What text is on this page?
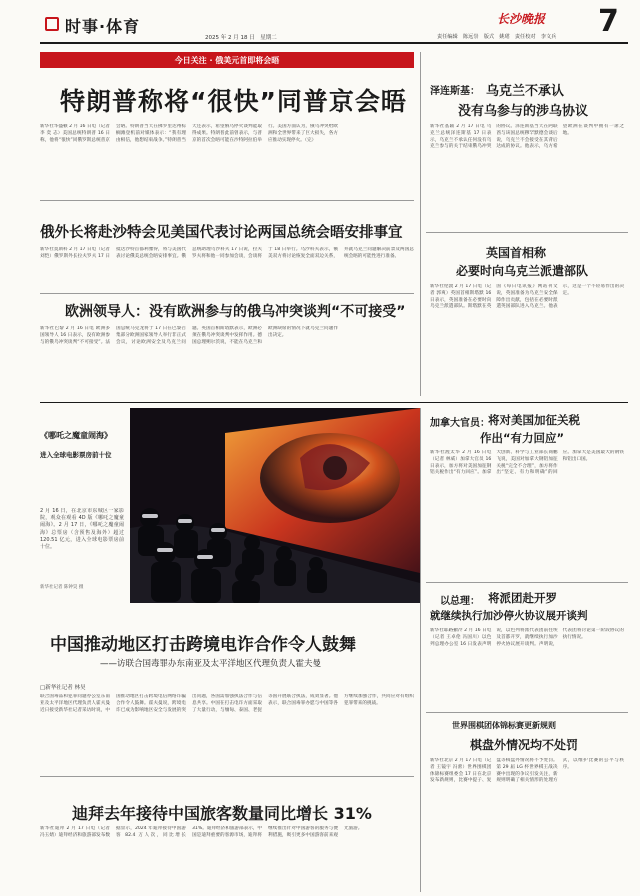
时事·体育
2025 年 2 月 18 日　星期二
长沙晚报
责任编辑　陈远崇　版式　姚珺　责任校对　李文兵 7
今日关注 · 俄美元首即将会晤
特朗普称将“很快”同普京会晤
新华社华盛顿 2 月 16 日电（记者 李 奕 志）美国总统特朗普 16 日称，他将“很快”同俄罗斯总统普京会晤。特朗普当天在佛罗里达州棕榈滩登机前对媒体表示：“我有理由相信，他想结束战争。”特朗普当天还表示，希望俄乌停火谈判能取得成果。特朗普此前曾表示，与普京的首次会晤可能在沙特阿拉伯举行。美国方面认为，俄乌冲突给欧洲和全世界带来了巨大损失，各方应推动实现停火。（完）
俄外长将赴沙特会见美国代表讨论两国总统会晤安排事宜
新华社莫斯科 2 月 17 日电（记者 刘恺）俄罗斯外长拉夫罗夫 17 日抵达沙特首都利雅得，将与美国代表讨论俄美总统会晤安排事宜。俄总统助理乌沙科夫 17 日说，拉夫罗夫将和他一同参加会谈，会谈将于 18 日举行。乌沙科夫表示，俄美双方将讨论恢复全面双边关系，并就乌克兰问题解决前景及两国总统会晤的可能性进行准备。
欧洲领导人：没有欧洲参与的俄乌冲突谈判“不可接受”
新华社巴黎 2 月 16 日电 欧洲多国领导人 16 日表示，没有欧洲参与的俄乌冲突谈判“不可接受”。法国总统马克龙将于 17 日在巴黎召集部分欧洲国家领导人举行非正式会议，讨论欧洲安全及乌克兰问题。英国首相斯塔默表示，欧洲必须在俄乌冲突谈判中发挥作用。德国总理朔尔茨说，不能在乌克兰和欧洲缺席的情况下就乌克兰问题作出决定。
泽连斯基： 乌克兰不承认
没有乌参与的涉乌协议
新华社基辅 2 月 17 日电 乌克兰总统泽连斯基 17 日表示，乌克兰不承认任何没有乌克兰参与的关于结束俄乌冲突的协议。泽连斯基当天在阿联酋与该国总统穆罕默德会谈后说，乌克兰不会接受在其背后达成的协议。他表示，乌方希望欧洲在谈判中拥有一席之地。
英国首相称
必要时向乌克兰派遣部队
新华社伦敦 2 月 17 日电（记者 郭爽）英国首相斯塔默 16 日表示，英国准备在必要时向乌克兰派遣部队。斯塔默在英国《每日电讯报》网站刊文说，英国准备为乌克兰安全保障作出贡献，包括在必要时派遣英国部队进入乌克兰。他表示，这是一个不轻易作出的决定。
《哪吒之魔童闹海》
进入全球电影票房前十位
2 月 16 日，在北京市东城区一家影院，观众在观看 4D 版《哪吒之魔童闹海》。2 月 17 日，《哪吒之魔童闹海》总票房（含预售及海外）超过 120.51 亿元，进入全球电影票房前十位。
新华社记者 陈钟昊 摄
加拿大官员：
将对美国加征关税
作出“有力回应”
新华社渥太华 2 月 16 日电（记者 林威）加拿大官员 16 日表示，加方将对美国加征钢铝关税作出“有力回应”。加拿大创新、科学与工业部长商鹏飞说，美国对加拿大钢铝加征关税“完全不合理”，加方将作出“坚定、有力和明确”的回应。加拿大是美国最大的钢铁和铝出口国。
中国推动地区打击跨境电诈合作令人鼓舞
——访联合国毒罪办东南亚及太平洋地区代理负责人霍夫曼
□新华社记者 林昊
联合国毒品和犯罪问题办公室东南亚及太平洋地区代理负责人霍夫曼近日接受新华社记者采访时说，中国推动地区打击跨境电信网络诈骗合作令人鼓舞。霍夫曼说，跨境电诈已成为影响地区安全与发展的突出问题，各国需加强执法合作与信息共享。中国在打击电诈方面采取了大量行动，与缅甸、泰国、老挝等国开展联合执法，成效显著。他表示，联合国毒罪办愿与中国等各方继续加强合作，共同应对有组织犯罪带来的挑战。
迪拜去年接待中国旅客数量同比增长 31%
新华社迪拜 2 月 17 日电（记者 冯玉婧）迪拜经济和旅游部发布数据显示，2024 年迪拜接待中国游客 82.4 万人次，同比增长 31%。迪拜经济和旅游部表示，中国是迪拜重要的客源市场，迪拜将继续推出针对中国游客的服务与便利措施，吸引更多中国游客前来观光旅游。
以总理： 将派团赴开罗
就继续执行加沙停火协议展开谈判
新华社耶路撒冷 2 月 16 日电（记者 王卓伦 冯国川）以色列总理办公室 16 日发表声明说，以色列将派代表团前往埃及首都开罗，就继续执行加沙停火协议展开谈判。声明说，代表团将讨论第一阶段协议的执行情况。
世界围棋团体锦标赛更新规则
棋盘外情况均不处罚
新华社北京 2 月 17 日电（记者 王镜宇 冯蕾）世界围棋团体锦标赛组委会 17 日在北京发布新规则，比赛中提子、复盘等棋盘外情况将不予处罚。第 29 届 LG 杯世界棋王战决赛中出现的争议引发关注，新规则明确了相关情形的处理方式，以维护比赛的公平与秩序。
